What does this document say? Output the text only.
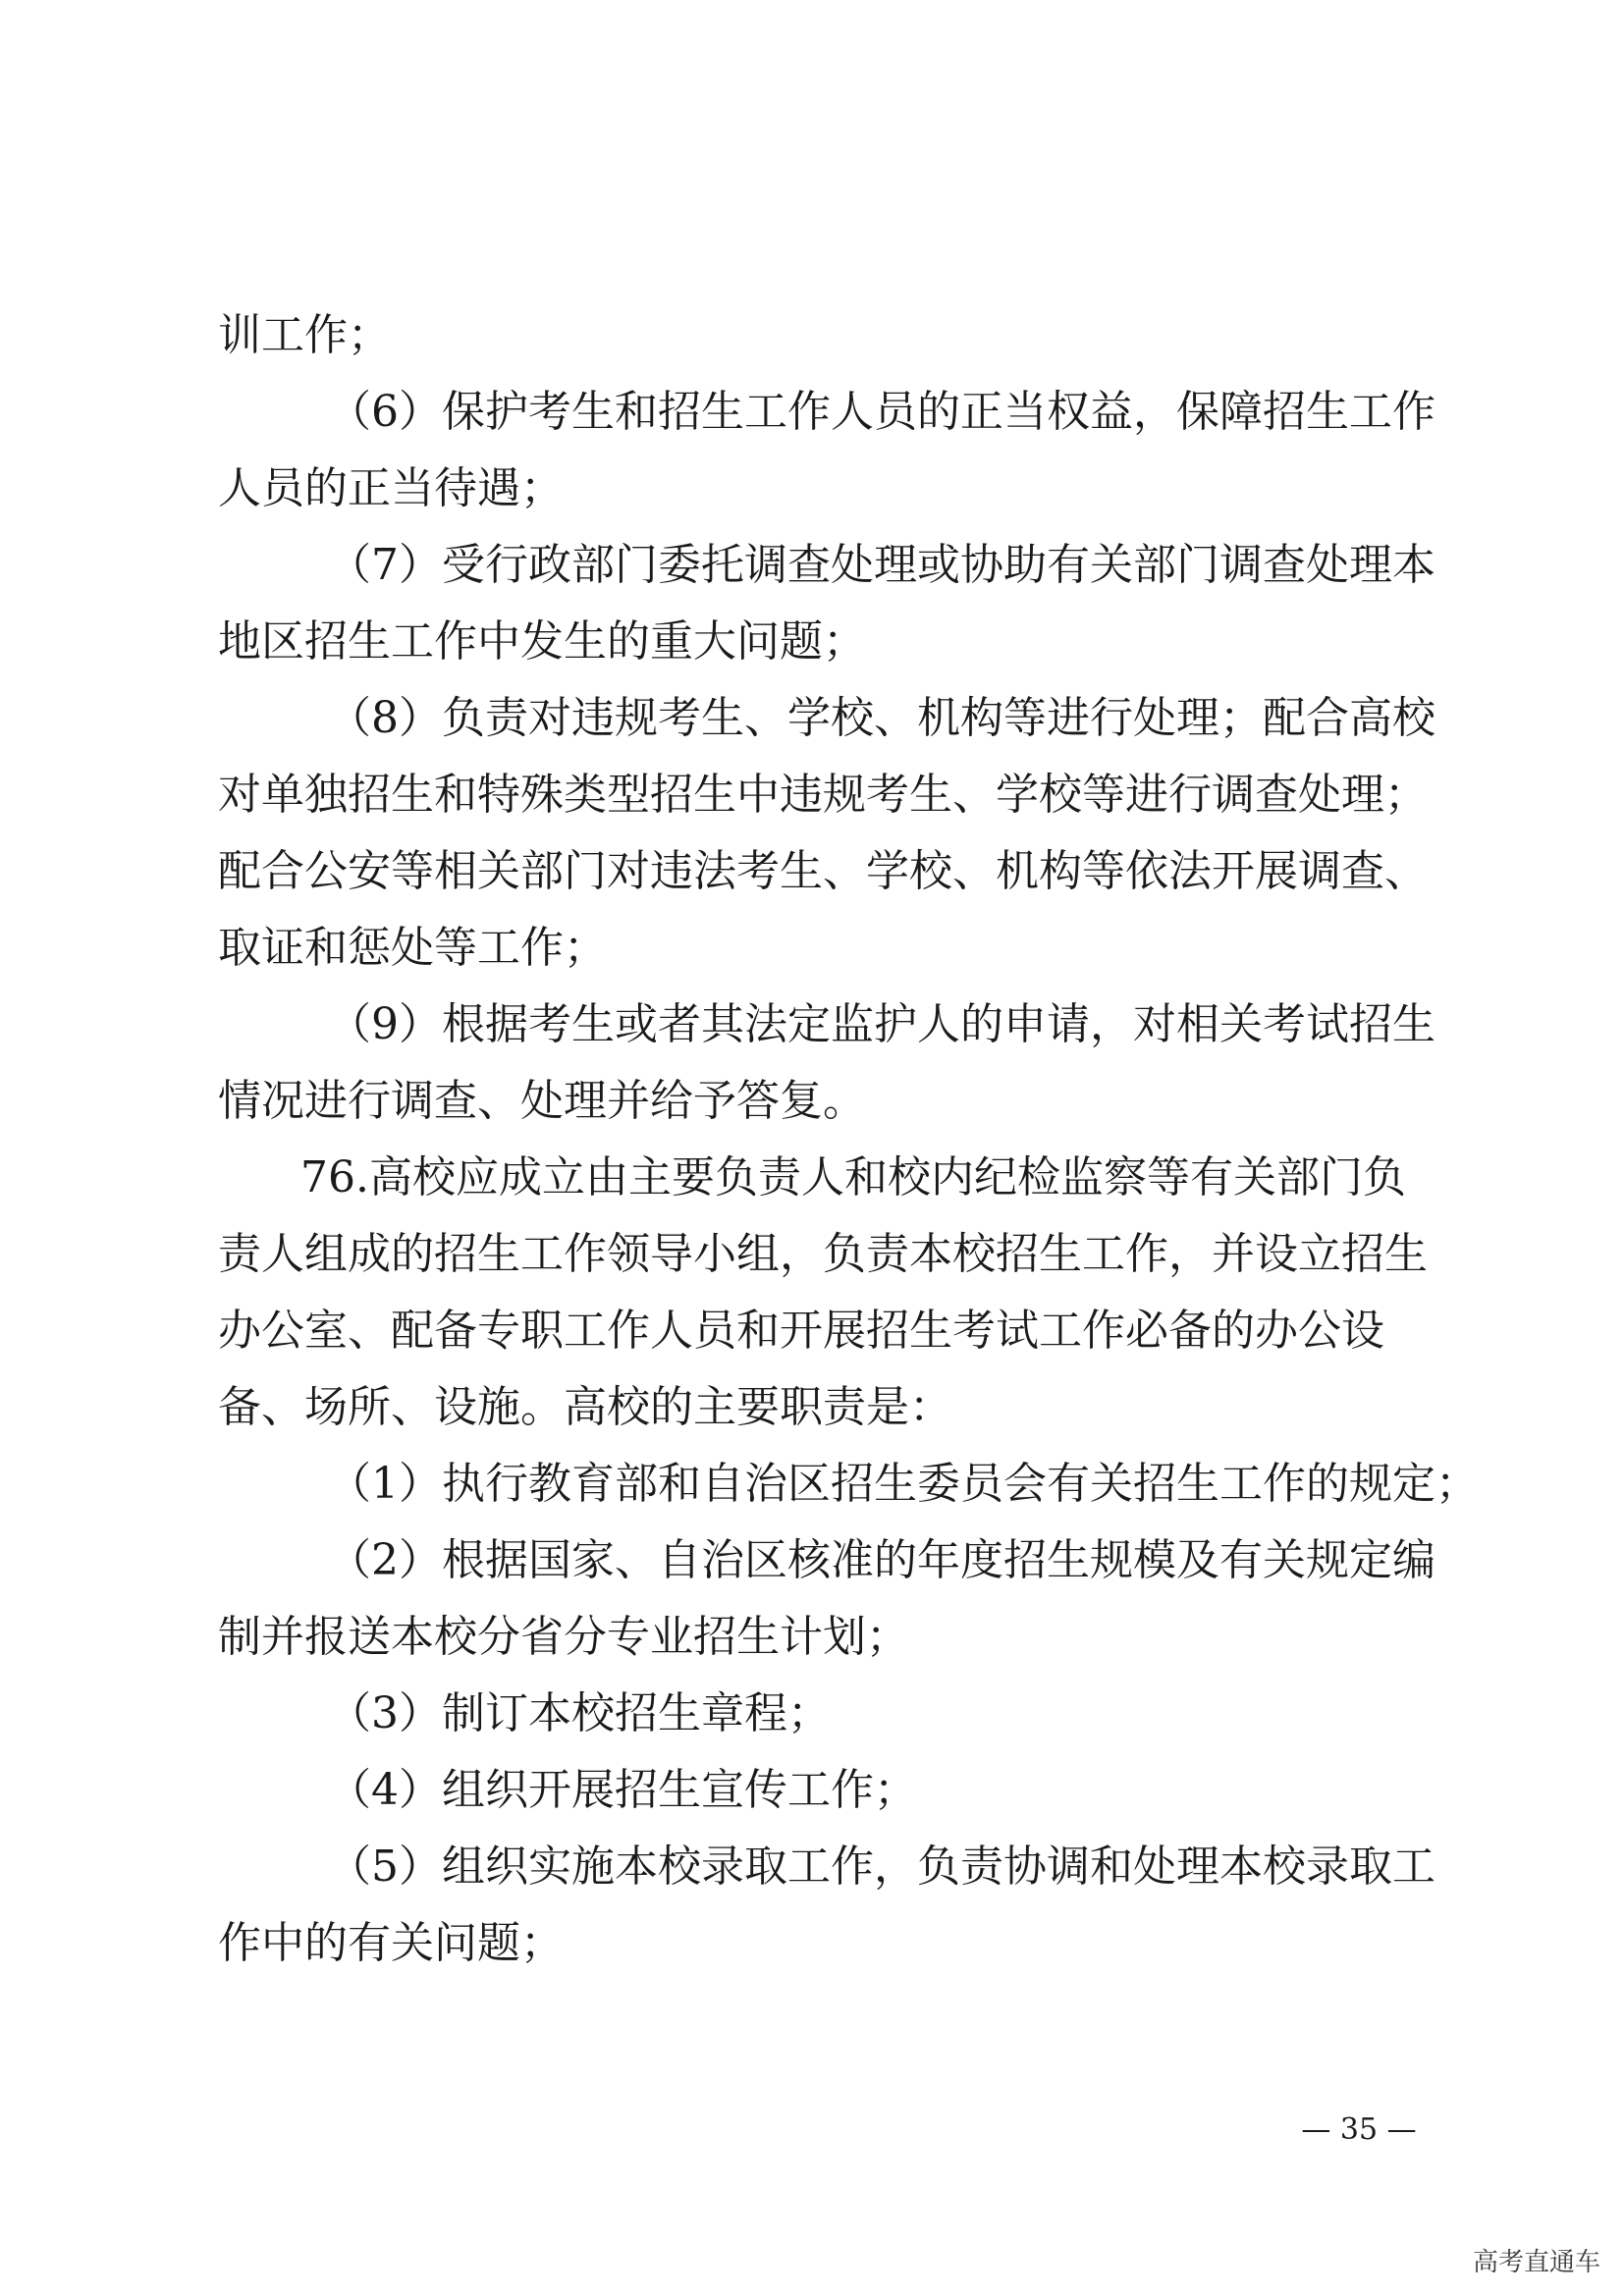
训工作；
（6）保护考生和招生工作人员的正当权益，保障招生工作
人员的正当待遇；
（7）受行政部门委托调查处理或协助有关部门调查处理本
地区招生工作中发生的重大问题；
（8）负责对违规考生、学校、机构等进行处理；配合高校
对单独招生和特殊类型招生中违规考生、学校等进行调查处理；
配合公安等相关部门对违法考生、学校、机构等依法开展调查、
取证和惩处等工作；
（9）根据考生或者其法定监护人的申请，对相关考试招生
情况进行调查、处理并给予答复。
76.高校应成立由主要负责人和校内纪检监察等有关部门负
责人组成的招生工作领导小组，负责本校招生工作，并设立招生
办公室、配备专职工作人员和开展招生考试工作必备的办公设
备、场所、设施。高校的主要职责是：
（1）执行教育部和自治区招生委员会有关招生工作的规定；
（2）根据国家、自治区核准的年度招生规模及有关规定编
制并报送本校分省分专业招生计划；
（3）制订本校招生章程；
（4）组织开展招生宣传工作；
（5）组织实施本校录取工作，负责协调和处理本校录取工
作中的有关问题；
— 35 —
高考直通车
